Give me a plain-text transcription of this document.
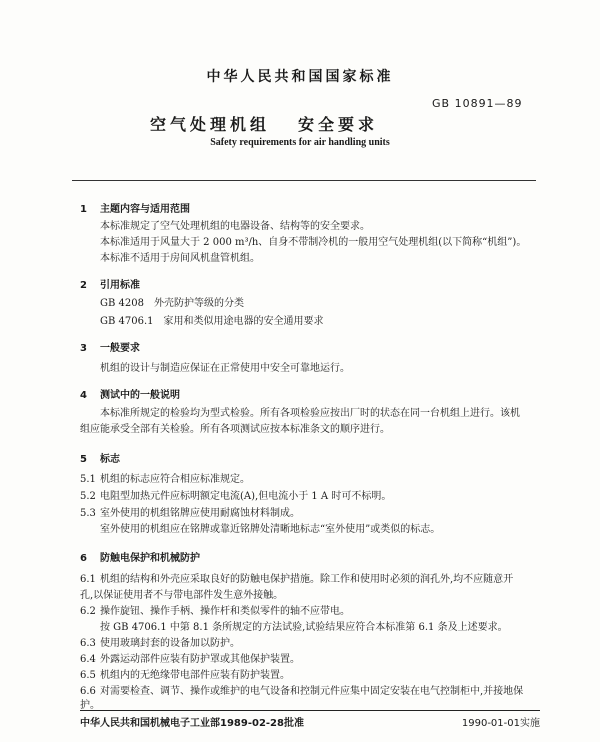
中华人民共和国国家标准
GB 10891—89
空气处理机组 安全要求
Safety requirements for air handling units
1 主题内容与适用范围
本标准规定了空气处理机组的电器设备、结构等的安全要求。
本标准适用于风量大于 2 000 m³/h、自身不带制冷机的一般用空气处理机组(以下简称“机组”)。
本标准不适用于房间风机盘管机组。
2 引用标准
GB 4208　外壳防护等级的分类
GB 4706.1　家用和类似用途电器的安全通用要求
3 一般要求
机组的设计与制造应保证在正常使用中安全可靠地运行。
4 测试中的一般说明
本标准所规定的检验均为型式检验。所有各项检验应按出厂时的状态在同一台机组上进行。该机
组应能承受全部有关检验。所有各项测试应按本标准条文的顺序进行。
5 标志
5.1 机组的标志应符合相应标准规定。
5.2 电阻型加热元件应标明额定电流(A),但电流小于 1 A 时可不标明。
5.3 室外使用的机组铭牌应使用耐腐蚀材料制成。
室外使用的机组应在铭牌或靠近铭牌处清晰地标志“室外使用”或类似的标志。
6 防触电保护和机械防护
6.1 机组的结构和外壳应采取良好的防触电保护措施。除工作和使用时必须的润孔外,均不应随意开
孔,以保证使用者不与带电部件发生意外接触。
6.2 操作旋钮、操作手柄、操作杆和类似零件的轴不应带电。
按 GB 4706.1 中第 8.1 条所规定的方法试验,试验结果应符合本标准第 6.1 条及上述要求。
6.3 使用玻璃封套的设备加以防护。
6.4 外露运动部件应装有防护罩或其他保护装置。
6.5 机组内的无绝缘带电部件应装有防护装置。
6.6 对需要检查、调节、操作或维护的电气设备和控制元件应集中固定安装在电气控制柜中,并接地保
护。
中华人民共和国机械电子工业部1989-02-28批准	1990-01-01实施
